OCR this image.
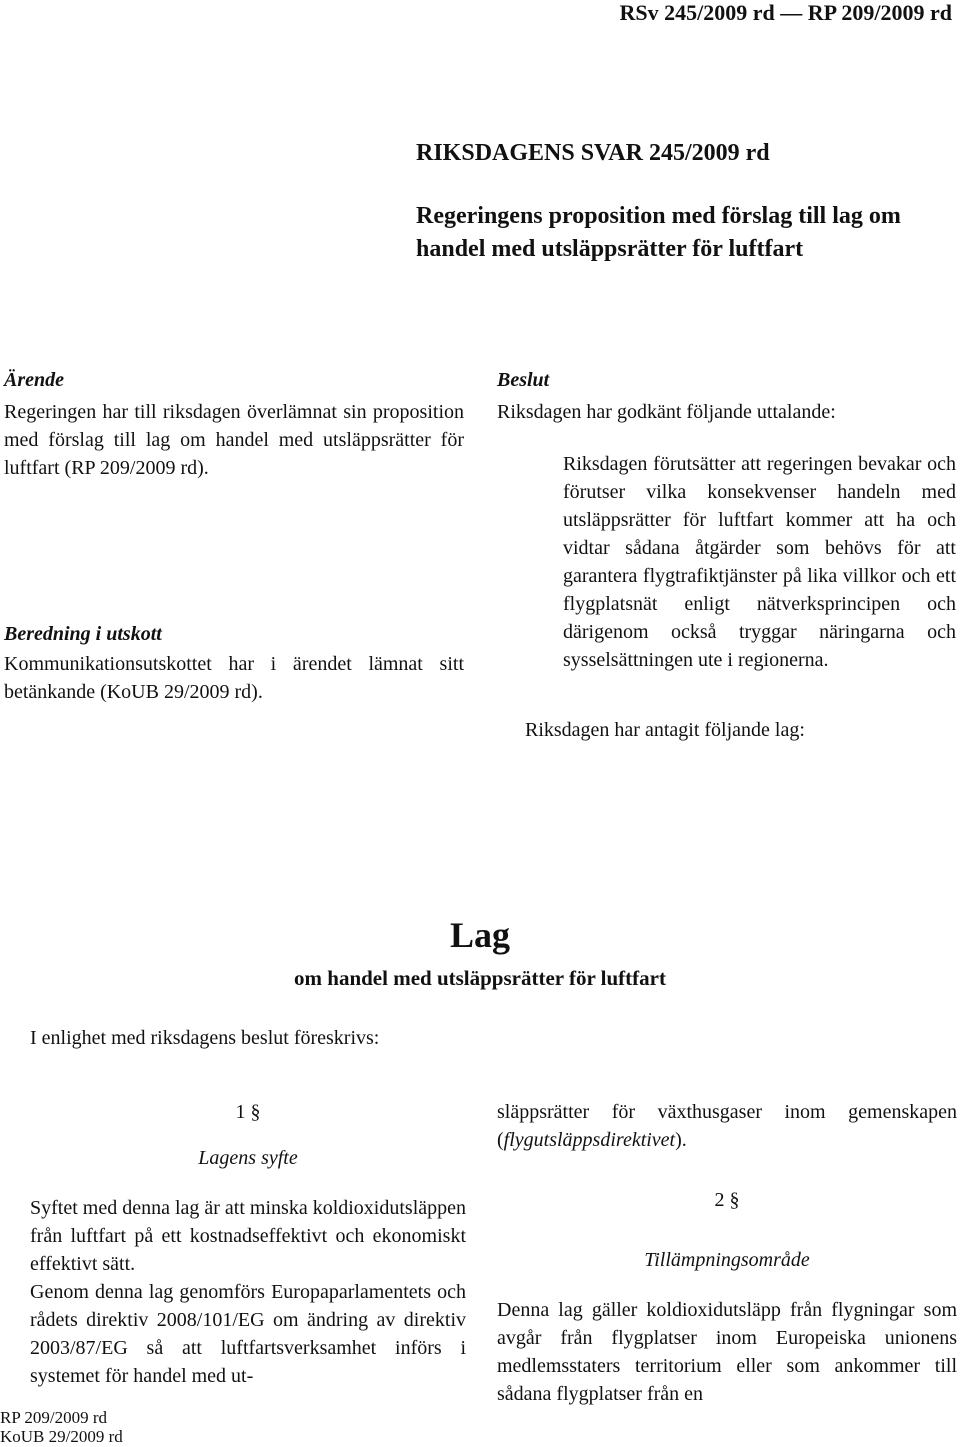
RSv 245/2009 rd — RP 209/2009 rd
RIKSDAGENS SVAR 245/2009 rd
Regeringens proposition med förslag till lag om handel med utsläppsrätter för luftfart
Ärende

Regeringen har till riksdagen överlämnat sin proposition med förslag till lag om handel med utsläppsrätter för luftfart (RP 209/2009 rd).

Beredning i utskott

Kommunikationsutskottet har i ärendet lämnat sitt betänkande (KoUB 29/2009 rd).

Beslut

Riksdagen har godkänt följande uttalande:

Riksdagen förutsätter att regeringen bevakar och förutser vilka konsekvenser handeln med utsläppsrätter för luftfart kommer att ha och vidtar sådana åtgärder som behövs för att garantera flygtrafiktjänster på lika villkor och ett flygplatsnät enligt nätverksprincipen och därigenom också tryggar näringarna och sysselsättningen ute i regionerna.

Riksdagen har antagit följande lag:

Lag
om handel med utsläppsrätter för luftfart

I enlighet med riksdagens beslut föreskrivs:

1 §
Lagens syfte

Syftet med denna lag är att minska koldioxidutsläppen från luftfart på ett kostnadseffektivt och ekonomiskt effektivt sätt.

Genom denna lag genomförs Europaparlamentets och rådets direktiv 2008/101/EG om ändring av direktiv 2003/87/EG så att luftfartsverksamhet införs i systemet för handel med ut-

släppsrätter för växthusgaser inom gemenskapen (flygutsläppsdirektivet).

2 §
Tillämpningsområde

Denna lag gäller koldioxidutsläpp från flygningar som avgår från flygplatser inom Europeiska unionens medlemsstaters territorium eller som ankommer till sådana flygplatser från en

RP 209/2009 rd
KoUB 29/2009 rd
